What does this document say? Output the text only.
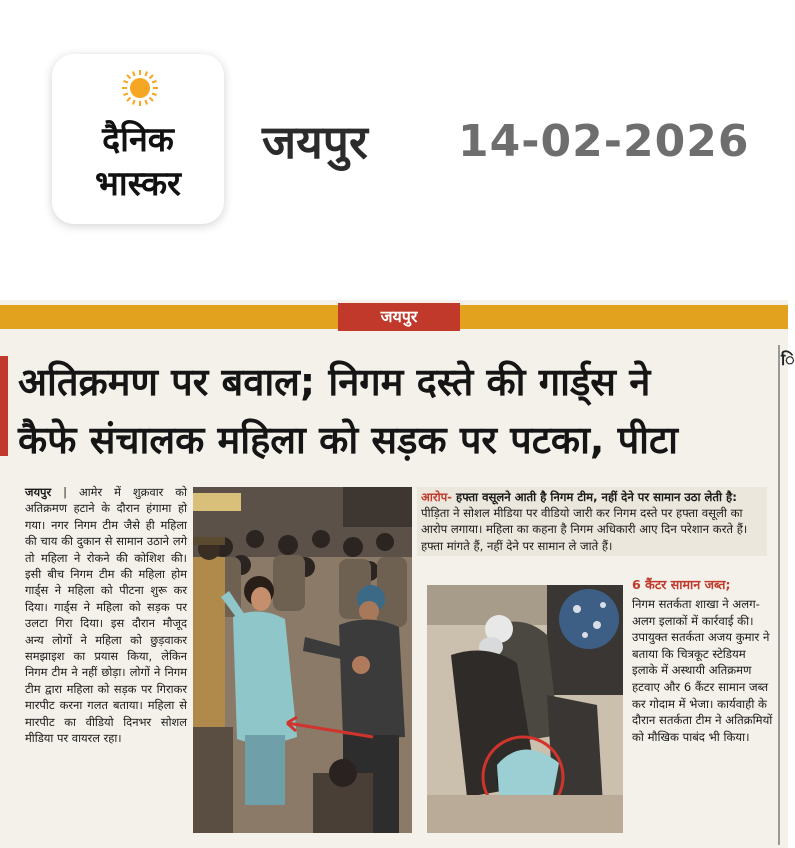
दैनिक
भास्कर
जयपुर 14-02-2026
जयपुर
ि
अतिक्रमण पर बवाल; निगम दस्ते की गार्ड्स ने
कैफे संचालक महिला को सड़क पर पटका, पीटा
जयपुर | आमेर में शुक्रवार को अतिक्रमण हटाने के दौरान हंगामा हो गया। नगर निगम टीम जैसे ही महिला की चाय की दुकान से सामान उठाने लगे तो महिला ने रोकने की कोशिश की। इसी बीच निगम टीम की महिला होम गार्ड्स ने महिला को पीटना शुरू कर दिया। गार्ड्स ने महिला को सड़क पर उलटा गिरा दिया। इस दौरान मौजूद अन्य लोगों ने महिला को छुड़वाकर समझाइश का प्रयास किया, लेकिन निगम टीम ने नहीं छोड़ा। लोगों ने निगम टीम द्वारा महिला को सड़क पर गिराकर मारपीट करना गलत बताया। महिला से मारपीट का वीडियो दिनभर सोशल मीडिया पर वायरल रहा।
आरोप- हफ्ता वसूलने आती है निगम टीम, नहीं देने पर सामान उठा लेती है: पीड़िता ने सोशल मीडिया पर वीडियो जारी कर निगम दस्ते पर हफ्ता वसूली का आरोप लगाया। महिला का कहना है निगम अधिकारी आए दिन परेशान करते हैं। हफ्ता मांगते हैं, नहीं देने पर सामान ले जाते हैं।
6 कैंटर सामान जब्त;
निगम सतर्कता शाखा ने अलग-अलग इलाकों में कार्रवाई की। उपायुक्त सतर्कता अजय कुमार ने बताया कि चित्रकूट स्टेडियम इलाके में अस्थायी अतिक्रमण हटवाए और 6 कैंटर सामान जब्त कर गोदाम में भेजा। कार्यवाही के दौरान सतर्कता टीम ने अतिक्रमियों को मौखिक पाबंद भी किया।
